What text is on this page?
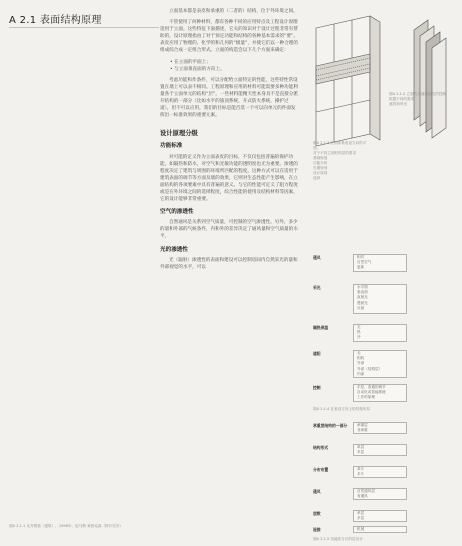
A 2.1 表面结构原理

立面基本都是表皮和承重的（二者的）结构，位于外环境之间。

不管使用了何种材料，都有各种不同的应用特点及工程设计原理适用于立面。这些特征下面描述，它关的知识对于设计过程非常有帮助的，设计原理指由了对于预定功能和结构的各种基本需求的“要”。表皮应用了物理的、化学的和几何的“级量”，并使它们以一种合理的组成综合成一定组合形式。立面的构造会以下几个方面来确定：

• 在立面的平面上；
• 与立面垂直面的方向上。

考虑功能和作条件，可以分配给立面特定的性能，这些特性常设置在墙上可以表不相同。工程原理和应用的材料可能需要多种功能利量各于立面单元的结构“层”。一些材料能精天性本身具不是直接分派开结构的一部分（比如水平的旅顶系统，开式防火系统，操护过道），但不可以应用。我们的目标是能否选一个可以向单元的件面发挥出一标准效果的重要元素。

设计原理分级
功能标准

对可能的定义作为立面表皮的目标，不仅仅包括普遍的保护功能，如隔热和防水，对空气和光敏功能的透明度也尤为重要。渗透的程度决定了建筑与周围的环境所匹配的程度。这种方式可以在适用于建筑表面的调节等方面及墙的效果，它则对生态性能产生影响，在立面结构的各项要素中具有普遍的意义。与它的性能可定义了阻力程度或是在外环境之间的选择程度，综合性能的使用及结构材料等因素，它的设计能够非常重要。

空气的渗透性

自然通风是关系到空气质量，可控制的空气渗透性。另外，多少的量和外部的气候条件，内和外的差异决定了通风量和空气质量的水平。

光的渗透性

光（辐射）渗透性的表面和建设可以控制房间内自然采光的量和外部视觉的水平，可以

图A 2.1.1 从外观看（建筑），1998年，伦马斯·莱茵克森（阿尔托市）
图A 2.1.2 立面的平面渗透性的控制：
根据不同的需求
遮挡和采光
图A 2.1.3 立面体系垂直方向的平面，
对于不同立面材料层的要求
基础规划
功能分析
长期规划
设计原则
选择
通风	相对
自然空气
更新
采光	水平面
垂直面
直射光
漫射光
反射
隔热保温	无
热
冷
遮阳	无
相机
外部
外部（结构层）
内部
控制	手控，普通的调节
自动化或智能系统
工作的原理
图A 2.1.4 在垂直方向上的结构布局
承重层结构的一部分	承重层
非承重
结构形式	单层
多层
分布布置	单片
多片
通风	自然通风层
有通风
层数	单层
多层
连接	机械
图A 2.1.5 功能性分区的层设计
